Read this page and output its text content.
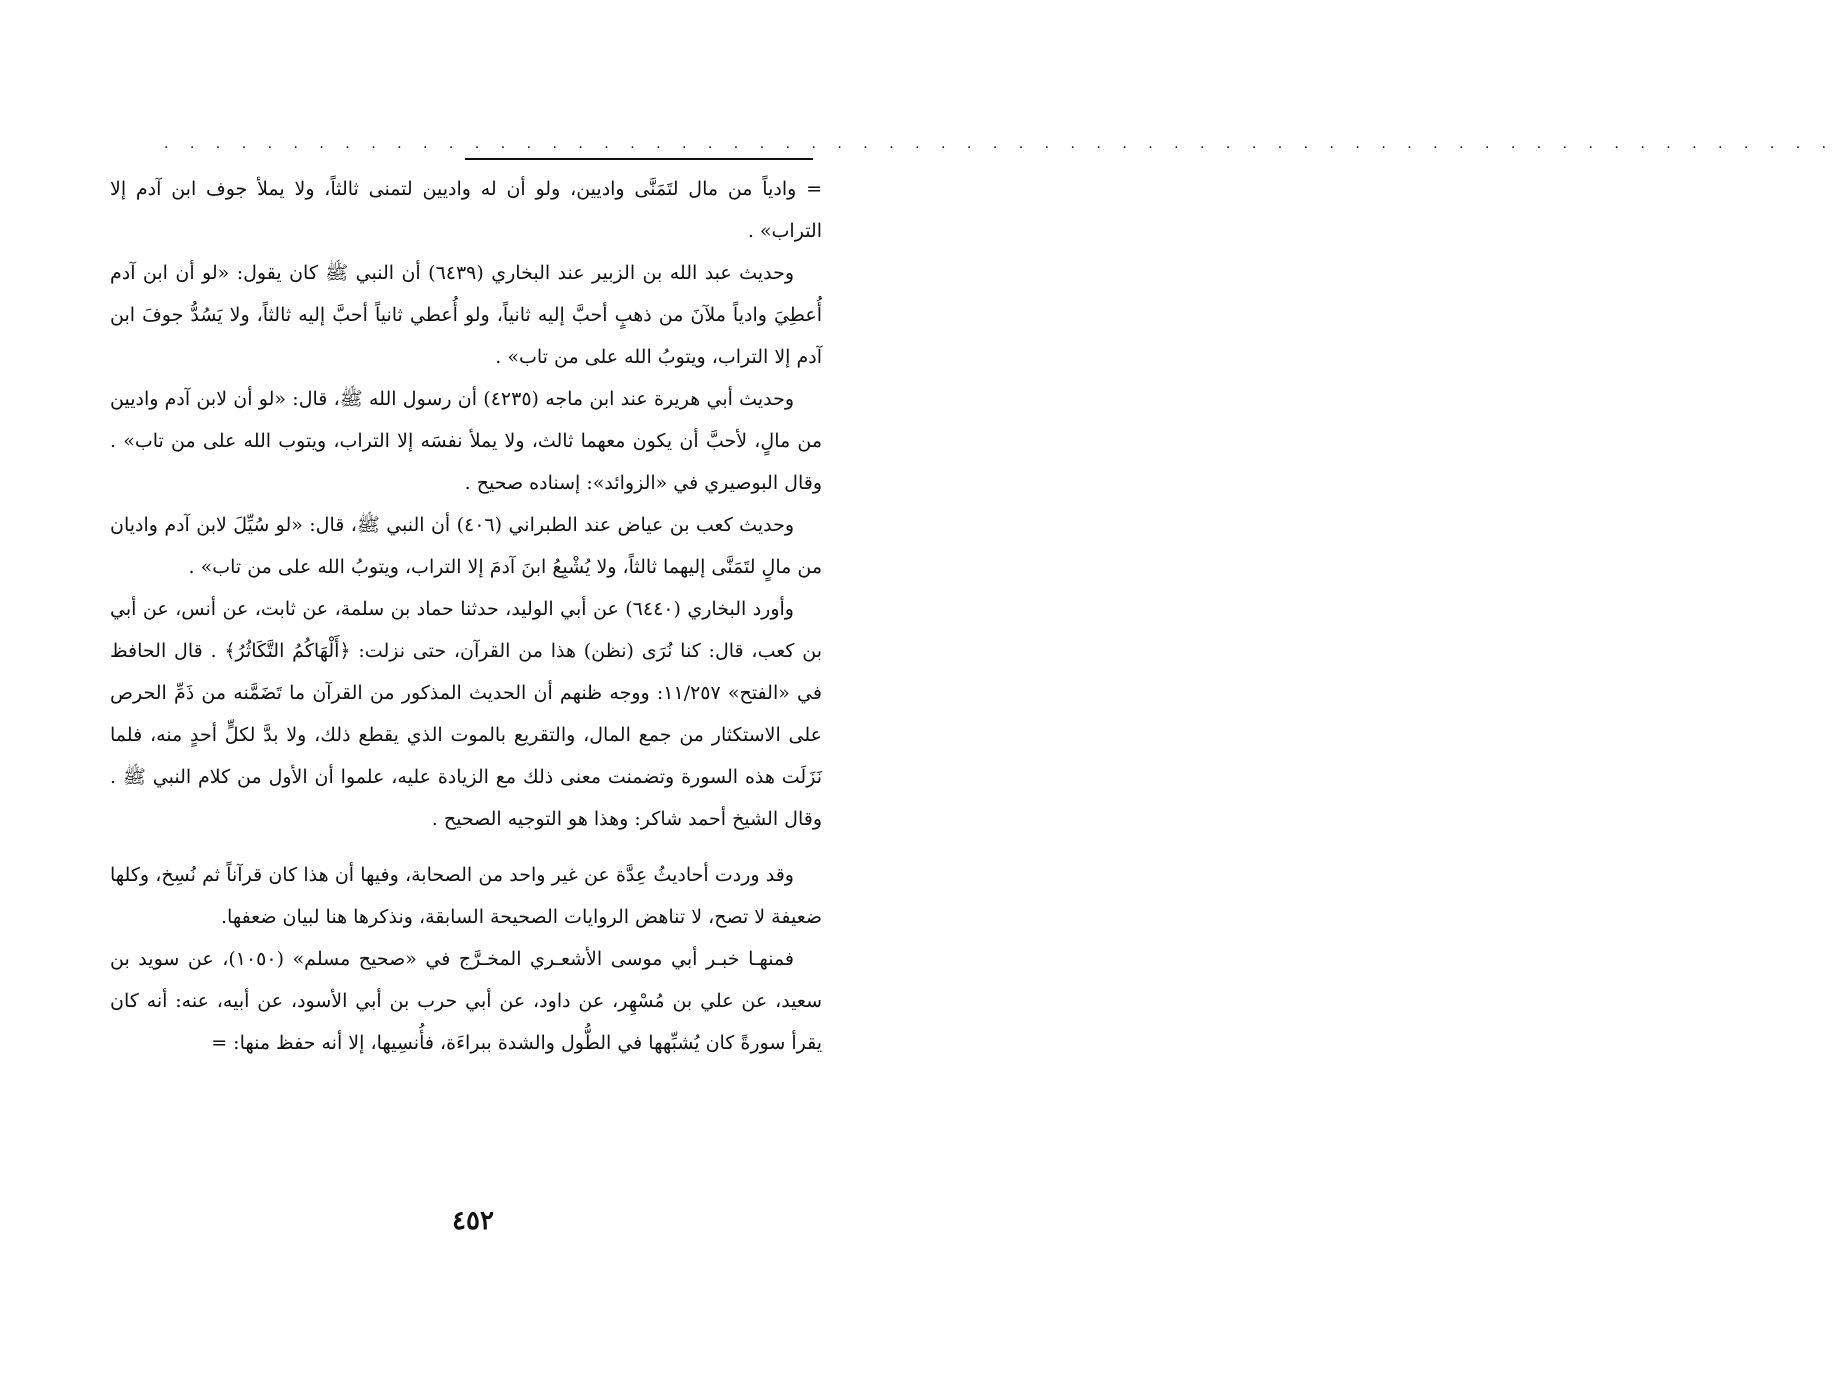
. . . . . . . . . . . . . . . . . . . . . . . . . . . . . . . . . . . . . . . . . . . . . . . . . . . . . . . . . . . . . . . . .

= وادياً من مال لتَمَنَّى واديين، ولو أن له واديين لتمنى ثالثاً، ولا يملأ جوف ابن آدم إلا التراب» .

وحديث عبد الله بن الزبير عند البخاري (٦٤٣٩) أن النبي ﷺ كان يقول: «لو أن ابن آدم أُعطِيَ وادياً ملآنَ من ذهبٍ أحبَّ إليه ثانياً، ولو أُعطي ثانياً أحبَّ إليه ثالثاً، ولا يَسُدُّ جوفَ ابن آدم إلا التراب، ويتوبُ الله على من تاب» .

وحديث أبي هريرة عند ابن ماجه (٤٢٣٥) أن رسول الله ﷺ، قال: «لو أن لابن آدم واديين من مالٍ، لأحبَّ أن يكون معهما ثالث، ولا يملأ نفسَه إلا التراب، ويتوب الله على من تاب» . وقال البوصيري في «الزوائد»: إسناده صحيح .

وحديث كعب بن عياض عند الطبراني (٤٠٦) أن النبي ﷺ، قال: «لو سُيِّلَ لابن آدم واديان من مالٍ لتَمَنَّى إليهما ثالثاً، ولا يُشْبِعُ ابنَ آدمَ إلا التراب، ويتوبُ الله على من تاب» .

وأورد البخاري (٦٤٤٠) عن أبي الوليد، حدثنا حماد بن سلمة، عن ثابت، عن أنس، عن أبي بن كعب، قال: كنا نُرَى (نظن) هذا من القرآن، حتى نزلت: ﴿أَلْهَاكُمُ التَّكَاثُرُ﴾ . قال الحافظ في «الفتح» ١١/٢٥٧: ووجه ظنهم أن الحديث المذكور من القرآن ما تَضَمَّنه من ذَمِّ الحرص على الاستكثار من جمع المال، والتقريع بالموت الذي يقطع ذلك، ولا بدَّ لكلٍّ أحدٍ منه، فلما نَزَلَت هذه السورة وتضمنت معنى ذلك مع الزيادة عليه، علموا أن الأول من كلام النبي ﷺ . وقال الشيخ أحمد شاكر: وهذا هو التوجيه الصحيح .

وقد وردت أحاديثُ عِدَّة عن غير واحد من الصحابة، وفيها أن هذا كان قرآناً ثم نُسِخ، وكلها ضعيفة لا تصح، لا تناهض الروايات الصحيحة السابقة، ونذكرها هنا لبيان ضعفها.

فمنهـا خبـر أبي موسى الأشعـري المخـرَّج في «صحيح مسلم» (١٠٥٠)، عن سويد بن سعيد، عن علي بن مُسْهِر، عن داود، عن أبي حرب بن أبي الأسود، عن أبيه، عنه: أنه كان يقرأ سورةً كان يُشبِّهها في الطُّول والشدة ببراءَة، فأُنسِيها، إلا أنه حفظ منها: =

٤٥٢
